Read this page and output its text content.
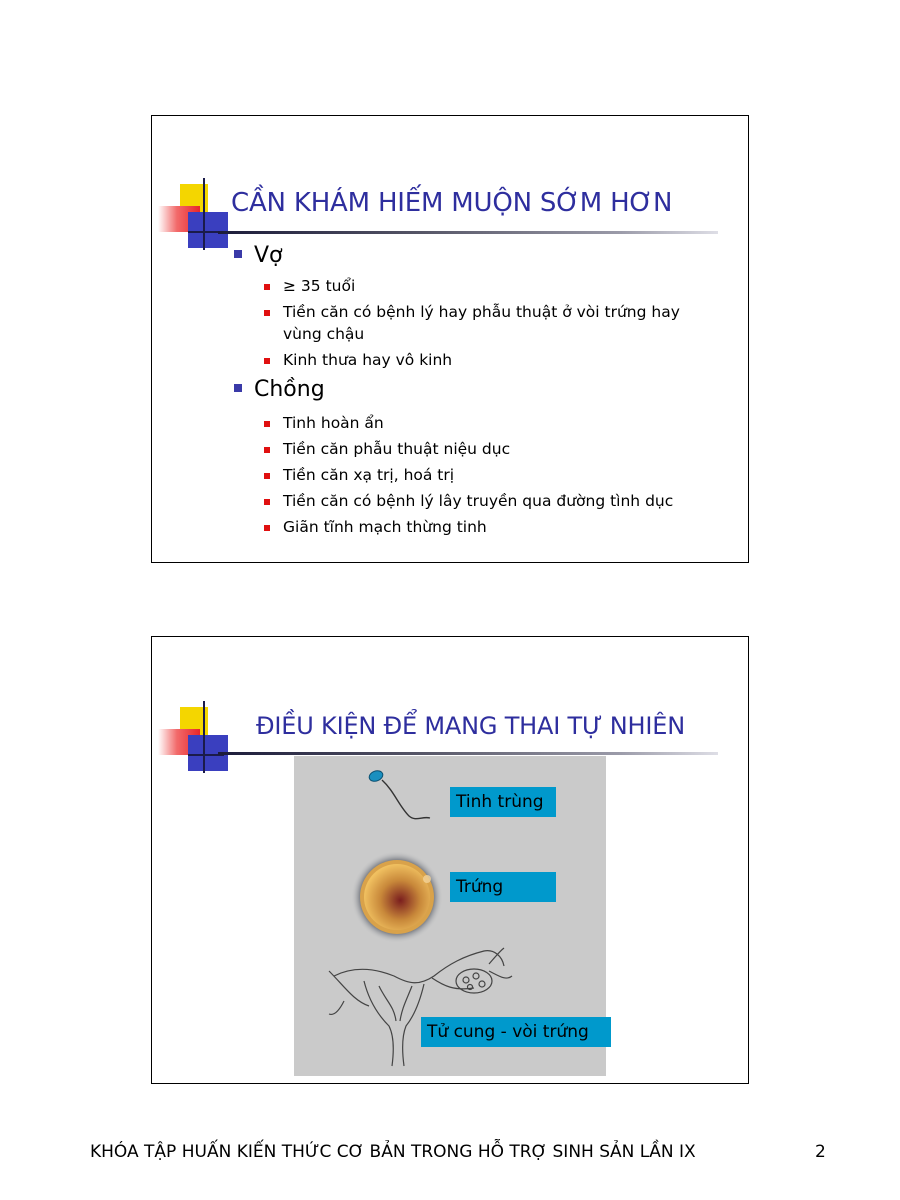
CẦN KHÁM HIẾM MUỘN SỚM HƠN
Vợ
≥ 35 tuổi
Tiền căn có bệnh lý hay phẫu thuật ở vòi trứng hay
vùng chậu
Kinh thưa hay vô kinh
Chồng
Tinh hoàn ẩn
Tiền căn phẫu thuật niệu dục
Tiền căn xạ trị, hoá trị
Tiền căn có bệnh lý lây truyền qua đường tình dục
Giãn tĩnh mạch thừng tinh
ĐIỀU KIỆN ĐỂ MANG THAI TỰ NHIÊN
Tinh trùng
Trứng
Tử cung - vòi trứng
KHÓA TẬP HUẤN KIẾN THỨC CƠ BẢN TRONG HỖ TRỢ SINH SẢN LẦN IX	2
